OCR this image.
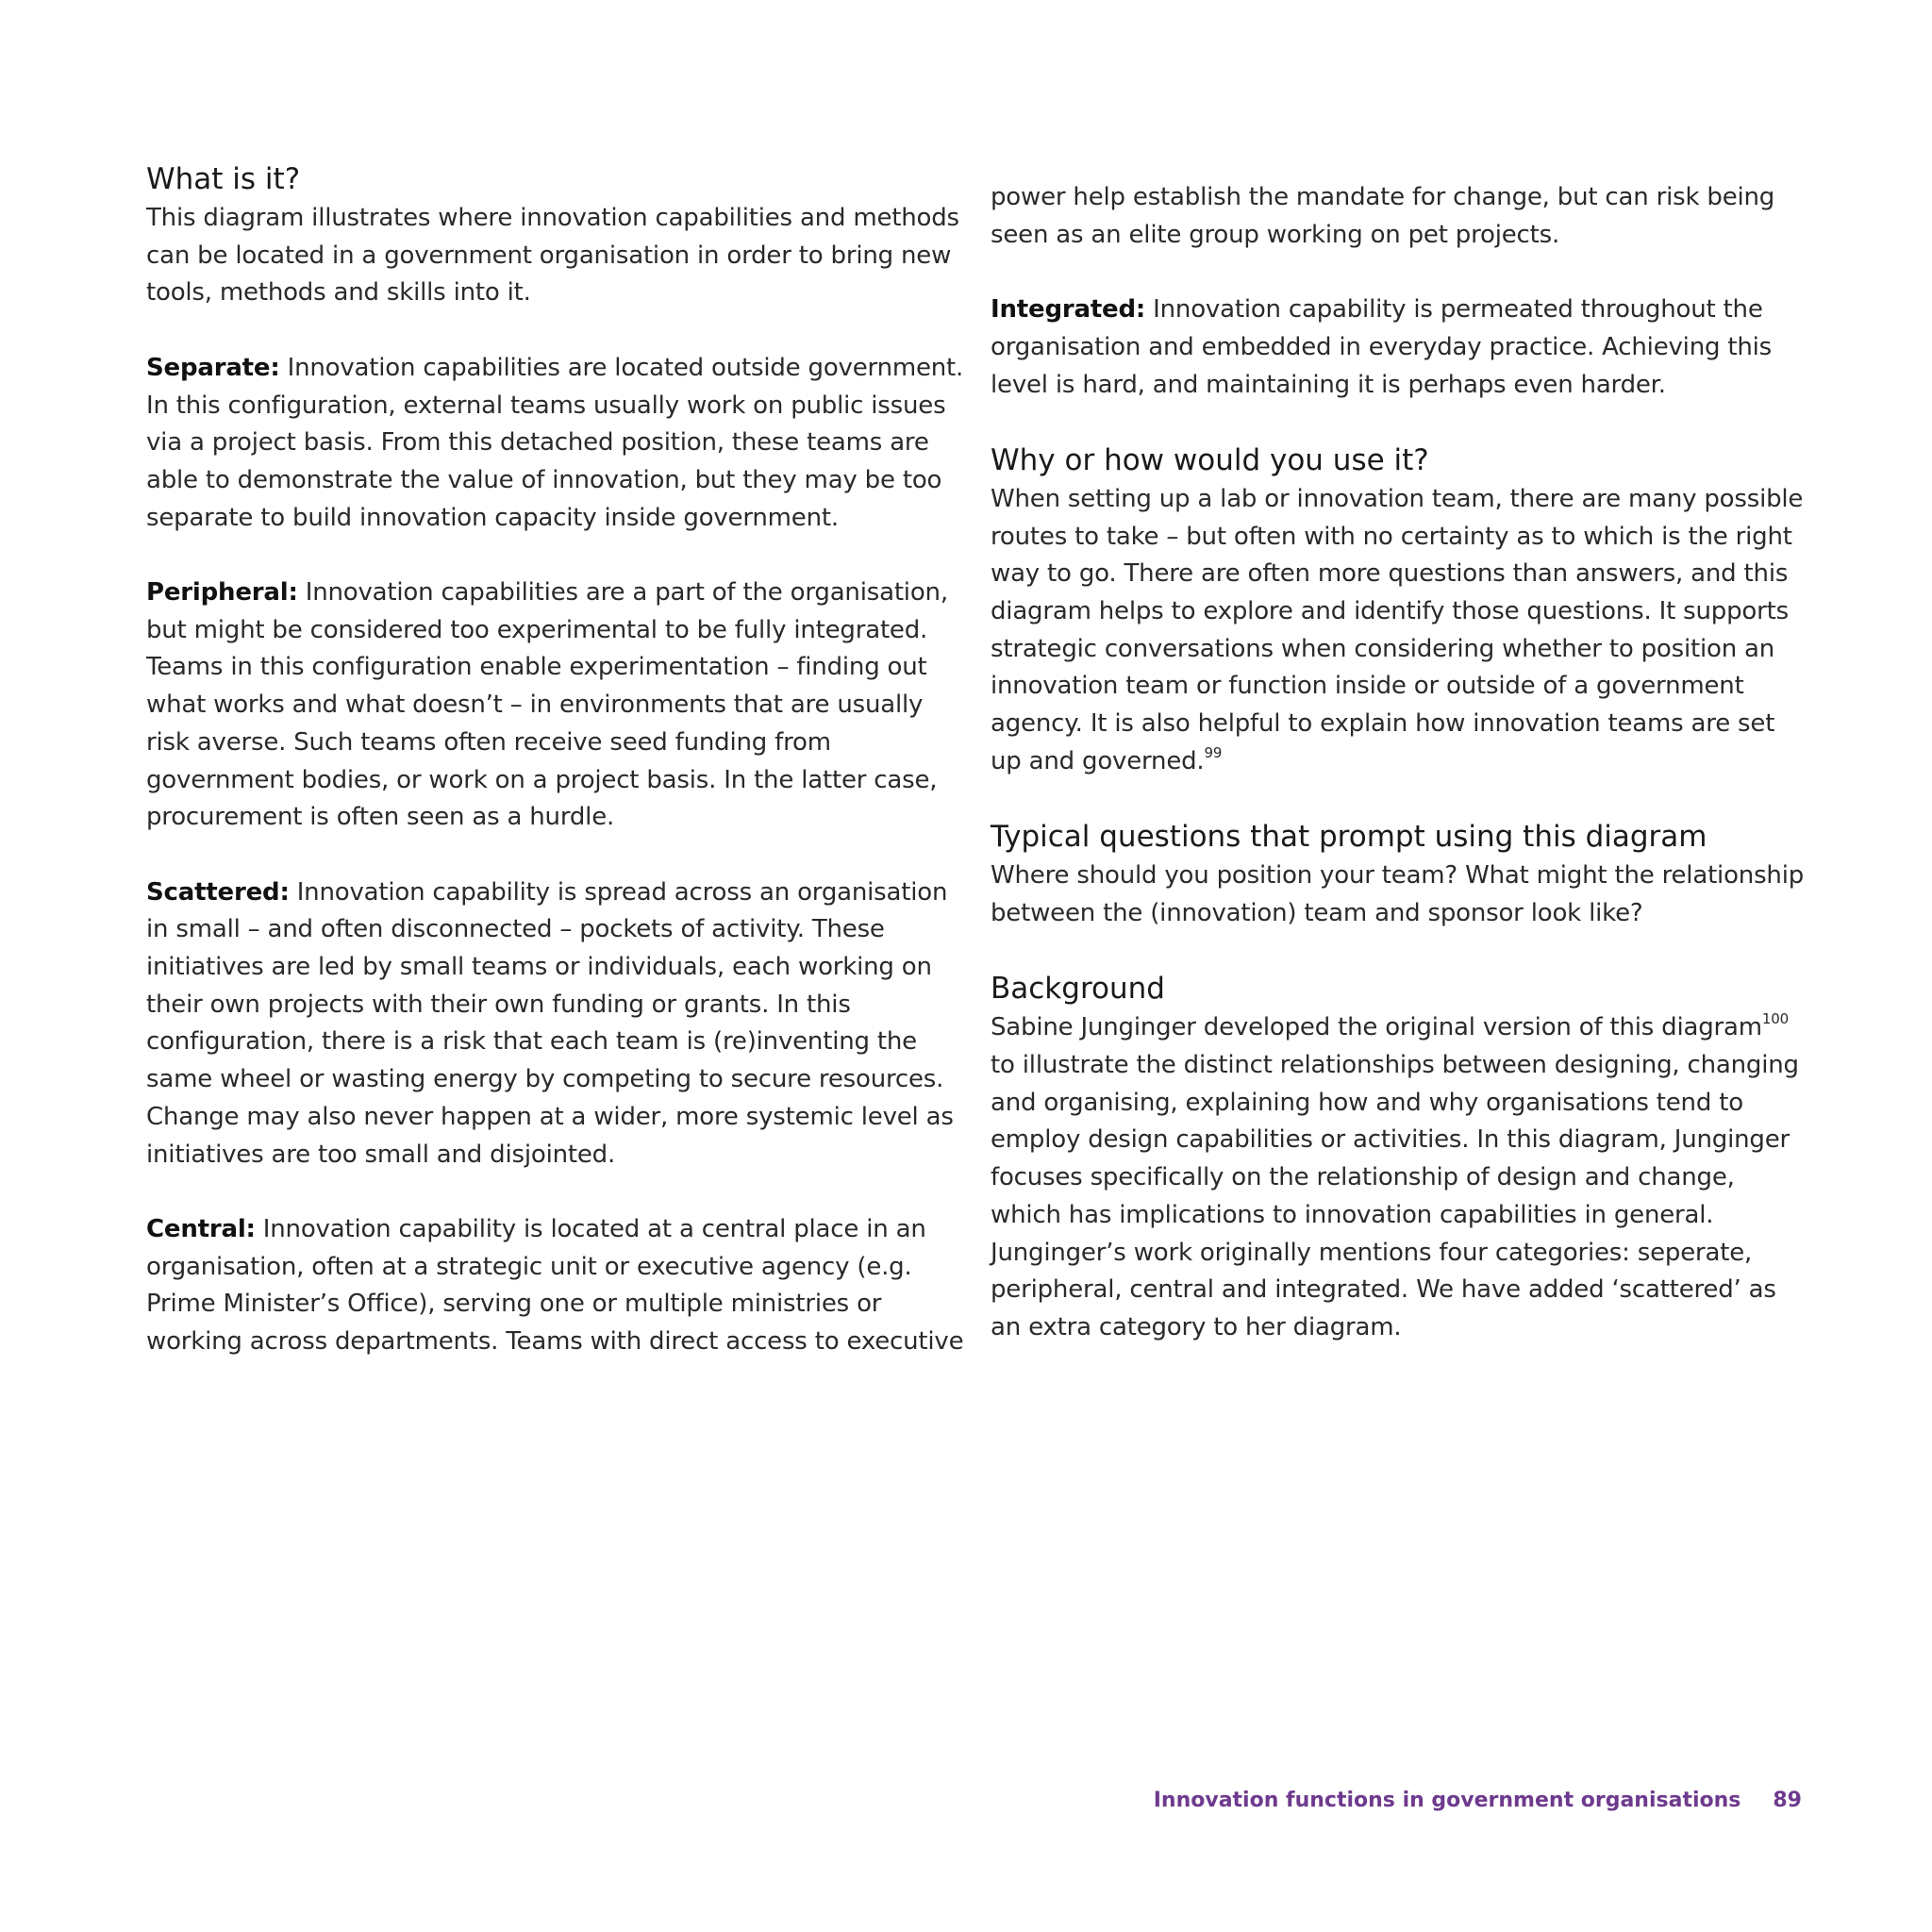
What is it?

This diagram illustrates where innovation capabilities and methods can be located in a government organisation in order to bring new tools, methods and skills into it.

Separate: Innovation capabilities are located outside government. In this configuration, external teams usually work on public issues via a project basis. From this detached position, these teams are able to demonstrate the value of innovation, but they may be too separate to build innovation capacity inside government.

Peripheral: Innovation capabilities are a part of the organisation, but might be considered too experimental to be fully integrated. Teams in this configuration enable experimentation – finding out what works and what doesn’t – in environments that are usually risk averse. Such teams often receive seed funding from government bodies, or work on a project basis. In the latter case, procurement is often seen as a hurdle.

Scattered: Innovation capability is spread across an organisation in small – and often disconnected – pockets of activity. These initiatives are led by small teams or individuals, each working on their own projects with their own funding or grants. In this configuration, there is a risk that each team is (re)inventing the same wheel or wasting energy by competing to secure resources. Change may also never happen at a wider, more systemic level as initiatives are too small and disjointed.

Central: Innovation capability is located at a central place in an organisation, often at a strategic unit or executive agency (e.g. Prime Minister’s Office), serving one or multiple ministries or working across departments. Teams with direct access to executive

power help establish the mandate for change, but can risk being seen as an elite group working on pet projects.

Integrated: Innovation capability is permeated throughout the organisation and embedded in everyday practice. Achieving this level is hard, and maintaining it is perhaps even harder.

Why or how would you use it?

When setting up a lab or innovation team, there are many possible routes to take – but often with no certainty as to which is the right way to go. There are often more questions than answers, and this diagram helps to explore and identify those questions. It supports strategic conversations when considering whether to position an innovation team or function inside or outside of a government agency. It is also helpful to explain how innovation teams are set up and governed.$^{99}$

Typical questions that prompt using this diagram

Where should you position your team? What might the relationship between the (innovation) team and sponsor look like?

Background

Sabine Junginger developed the original version of this diagram$^{100}$ to illustrate the distinct relationships between designing, changing and organising, explaining how and why organisations tend to employ design capabilities or activities. In this diagram, Junginger focuses specifically on the relationship of design and change, which has implications to innovation capabilities in general. Junginger’s work originally mentions four categories: seperate, peripheral, central and integrated. We have added ‘scattered’ as an extra category to her diagram.

Innovation functions in government organisations 89
